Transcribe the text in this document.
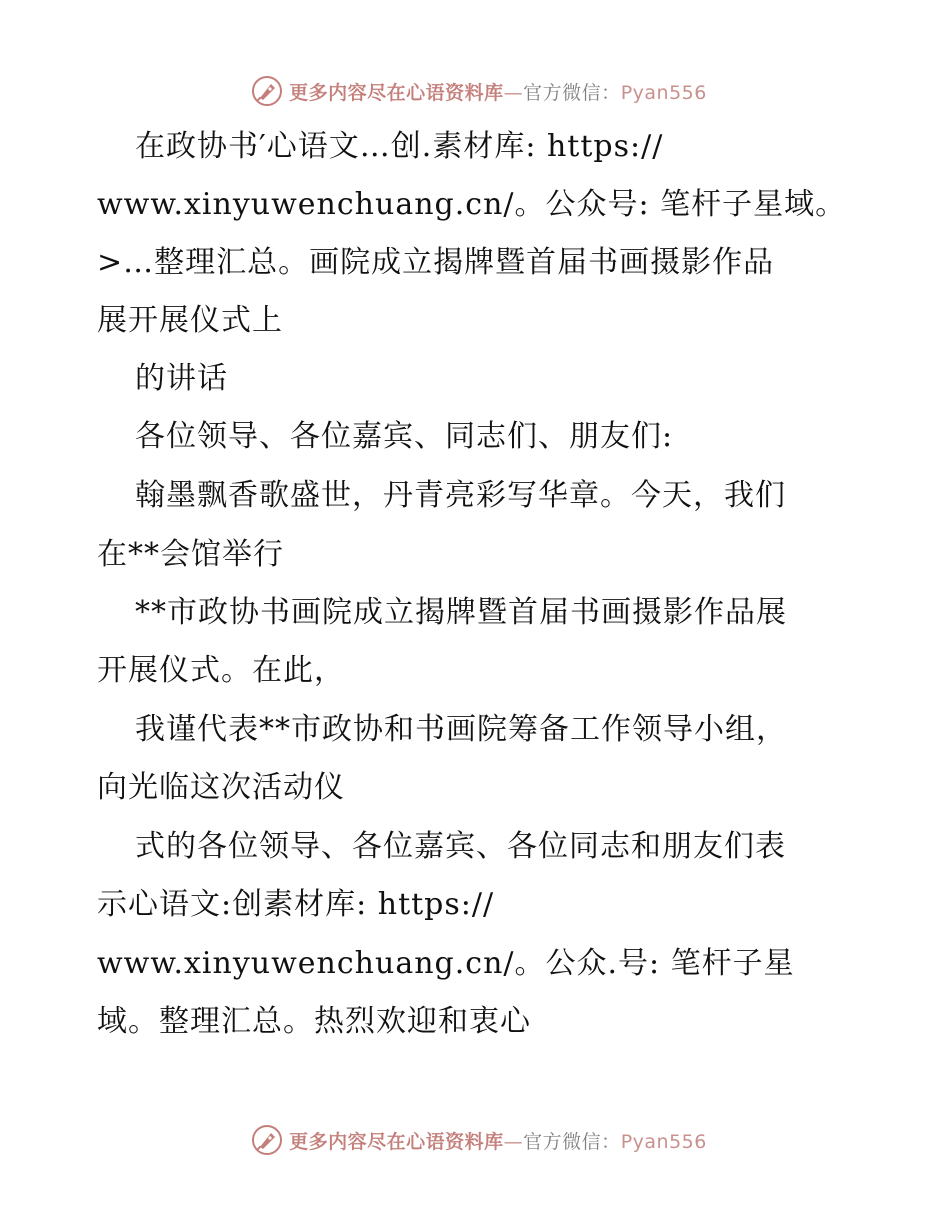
更多内容尽在心语资料库—官方微信：Pyan556
在政协书′心语文…创.素材库: https://
www.xinyuwenchuang.cn/。公众号: 笔杆子星域。
>…整理汇总。画院成立揭牌暨首届书画摄影作品
展开展仪式上
的讲话
各位领导、各位嘉宾、同志们、朋友们:
翰墨飘香歌盛世，丹青亮彩写华章。今天，我们
在**会馆举行
**市政协书画院成立揭牌暨首届书画摄影作品展
开展仪式。在此，
我谨代表**市政协和书画院筹备工作领导小组，
向光临这次活动仪
式的各位领导、各位嘉宾、各位同志和朋友们表
示心语文:创素材库: https://
www.xinyuwenchuang.cn/。公众.号: 笔杆子星
域。整理汇总。热烈欢迎和衷心
更多内容尽在心语资料库—官方微信：Pyan556
